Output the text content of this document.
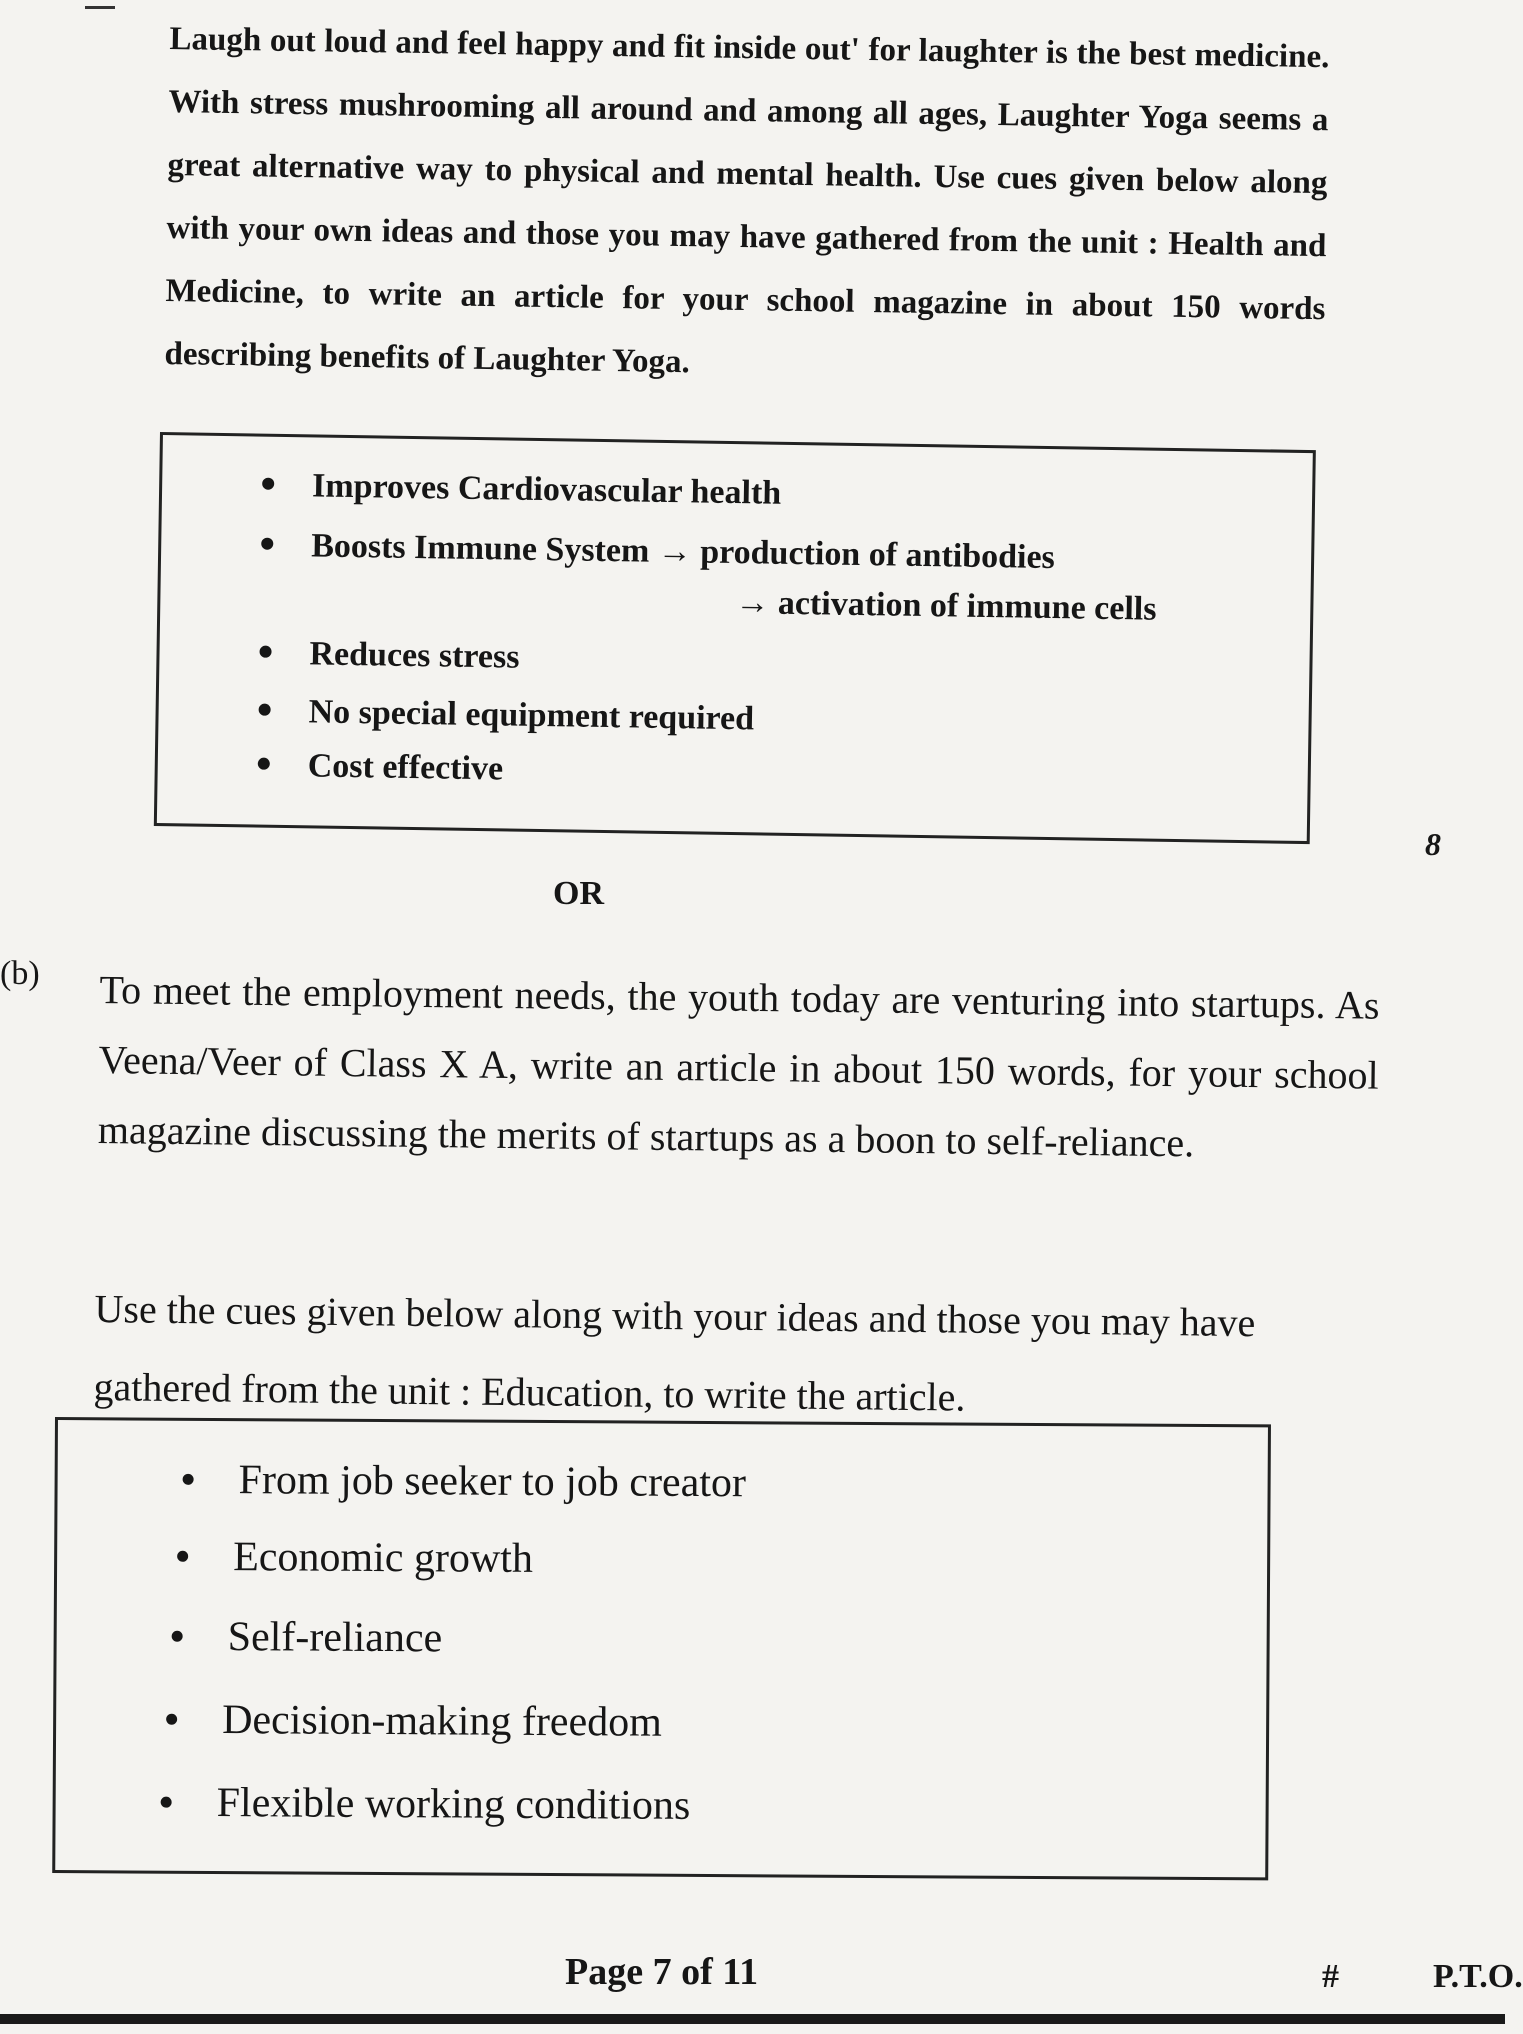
Laugh out loud and feel happy and fit inside out' for laughter is the best medicine. With stress mushrooming all around and among all ages, Laughter Yoga seems a great alternative way to physical and mental health. Use cues given below along with your own ideas and those you may have gathered from the unit : Health and Medicine, to write an article for your school magazine in about 150 words describing benefits of Laughter Yoga.
Improves Cardiovascular health
Boosts Immune System → production of antibodies
→ activation of immune cells
Reduces stress
No special equipment required
Cost effective
8
OR
(b) To meet the employment needs, the youth today are venturing into startups. As Veena/Veer of Class X A, write an article in about 150 words, for your school magazine discussing the merits of startups as a boon to self-reliance.
Use the cues given below along with your ideas and those you may have gathered from the unit : Education, to write the article.
From job seeker to job creator
Economic growth
Self-reliance
Decision-making freedom
Flexible working conditions
Page 7 of 11	#	P.T.O.
